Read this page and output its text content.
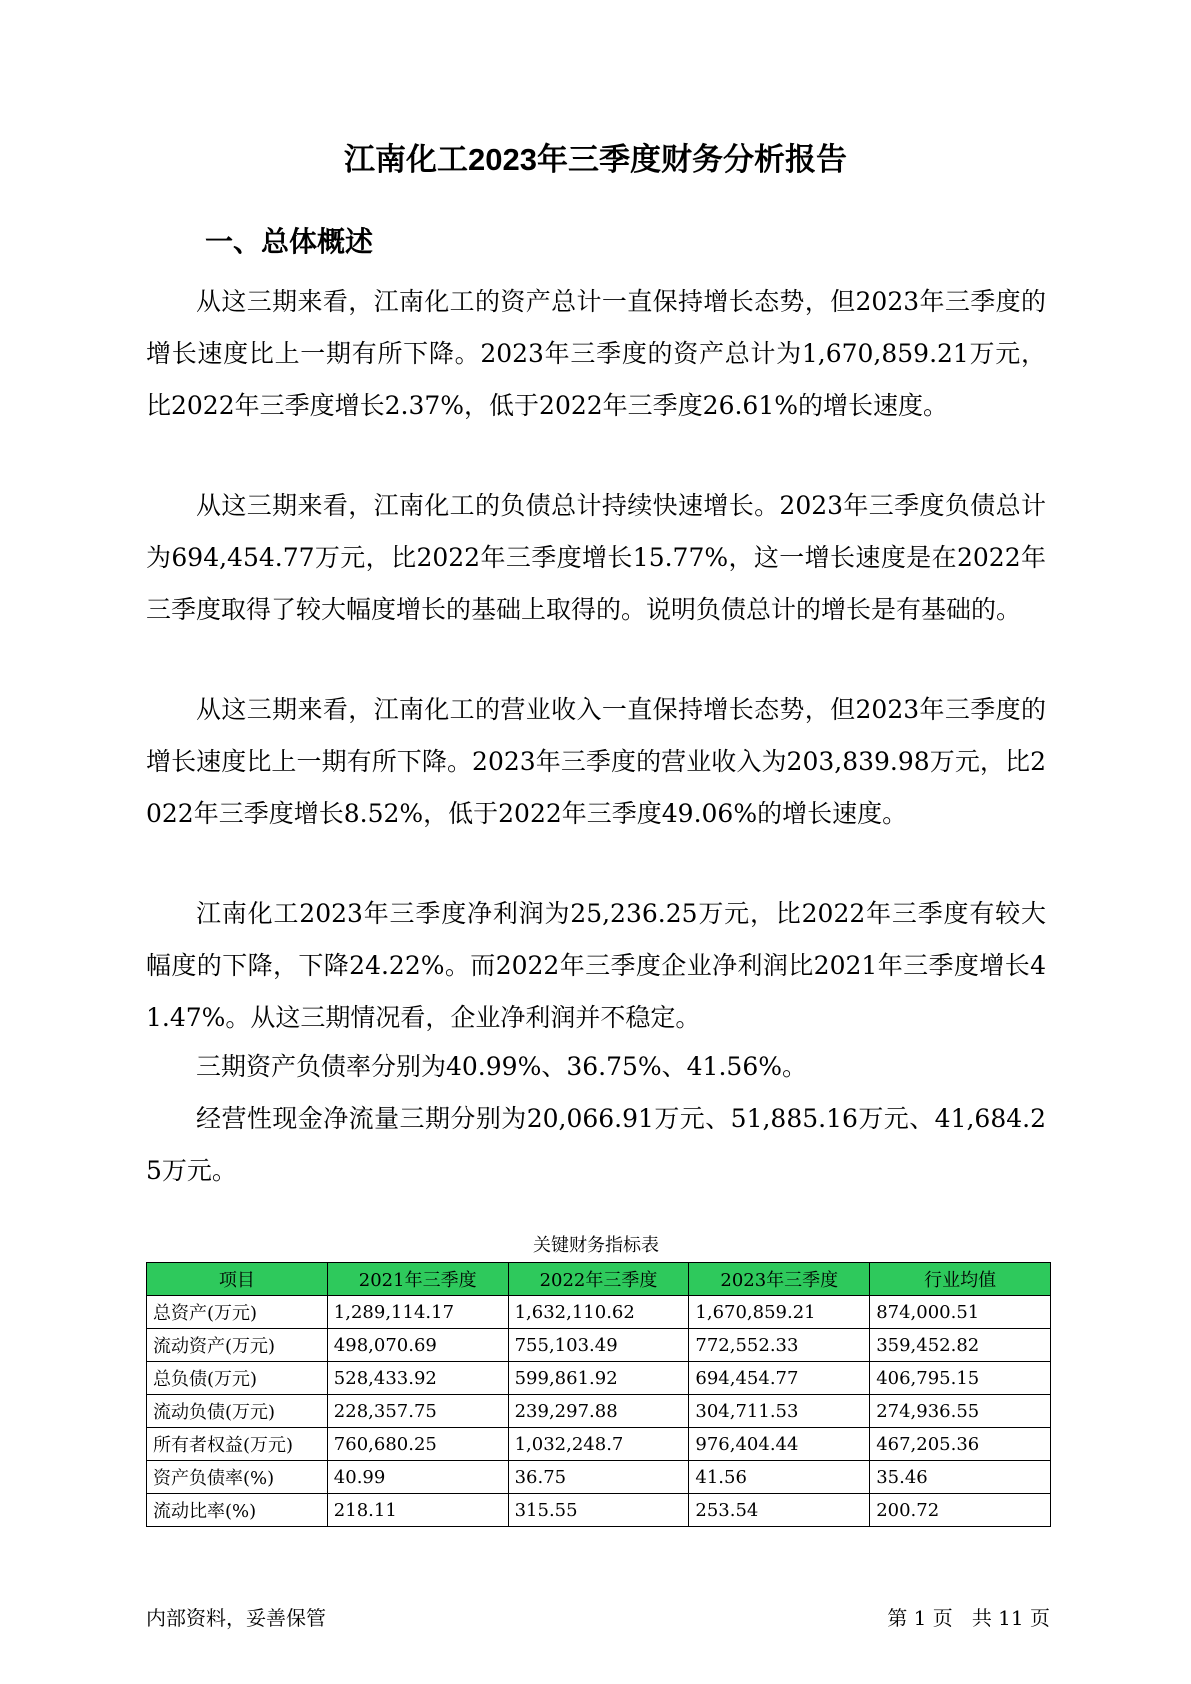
江南化工2023年三季度财务分析报告
一、总体概述

从这三期来看，江南化工的资产总计一直保持增长态势，但2023年三季度的增长速度比上一期有所下降。2023年三季度的资产总计为1,670,859.21万元，比2022年三季度增长2.37%，低于2022年三季度26.61%的增长速度。

从这三期来看，江南化工的负债总计持续快速增长。2023年三季度负债总计为694,454.77万元，比2022年三季度增长15.77%，这一增长速度是在2022年三季度取得了较大幅度增长的基础上取得的。说明负债总计的增长是有基础的。

从这三期来看，江南化工的营业收入一直保持增长态势，但2023年三季度的增长速度比上一期有所下降。2023年三季度的营业收入为203,839.98万元，比2022年三季度增长8.52%，低于2022年三季度49.06%的增长速度。

江南化工2023年三季度净利润为25,236.25万元，比2022年三季度有较大幅度的下降，下降24.22%。而2022年三季度企业净利润比2021年三季度增长41.47%。从这三期情况看，企业净利润并不稳定。

三期资产负债率分别为40.99%、36.75%、41.56%。

经营性现金净流量三期分别为20,066.91万元、51,885.16万元、41,684.25万元。

关键财务指标表
项目	2021年三季度	2022年三季度	2023年三季度	行业均值
总资产(万元)	1,289,114.17	1,632,110.62	1,670,859.21	874,000.51
流动资产(万元)	498,070.69	755,103.49	772,552.33	359,452.82
总负债(万元)	528,433.92	599,861.92	694,454.77	406,795.15
流动负债(万元)	228,357.75	239,297.88	304,711.53	274,936.55
所有者权益(万元)	760,680.25	1,032,248.7	976,404.44	467,205.36
资产负债率(%)	40.99	36.75	41.56	35.46
流动比率(%)	218.11	315.55	253.54	200.72
内部资料，妥善保管	第 1 页   共 11 页
